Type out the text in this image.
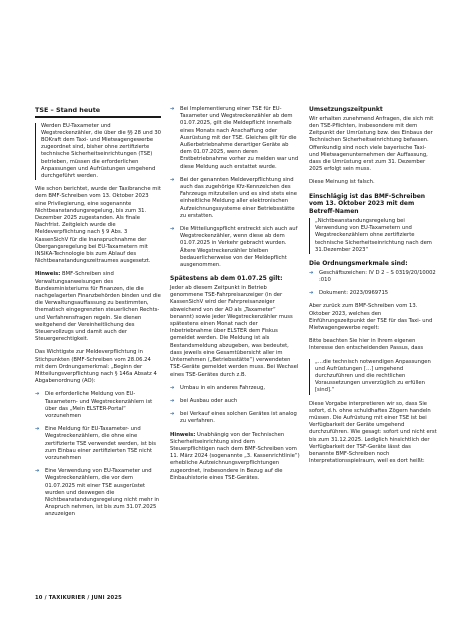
TSE – Stand heute
Werden EU-Taxameter und Wegstreckenzähler, die über die §§ 28 und 30 BOKraft dem Taxi- und Mietwagengewerbe zugeordnet sind, bisher ohne zertifizierte technische Sicherheitseinrichtungen (TSE) betrieben, müssen die erforderlichen Anpassungen und Aufrüstungen umgehend durchgeführt werden.

Wie schon berichtet, wurde der Taxibranche mit dem BMF-Schreiben vom 13. Oktober 2023 eine Privilegierung, eine sogenannte Nichtbeanstandungsregelung, bis zum 31. Dezember 2025 zugestanden. Als finale Nachfrist. Zeitgleich wurde die Meldeverpflichtung nach § 9 Abs. 3 KassenSichV für die Inanspruchnahme der Übergangsregelung bei EU-Taxametern mit INSIKA-Technologie bis zum Ablauf des Nichtbeanstandungszeitraumes ausgesetzt.

Hinweis: BMF-Schreiben sind Verwaltungsanweisungen des Bundesministeriums für Finanzen, die die nachgelagerten Finanzbehörden binden und die die Verwaltungsauffassung zu bestimmten, thematisch eingegrenzten steuerlichen Rechts- und Verfahrensfragen regeln. Sie dienen weitgehend der Vereinheitlichung des Steuervollzugs und damit auch der Steuergerechtigkeit.

Das Wichtigste zur Meldeverpflichtung in Stichpunkten (BMF-Schreiben vom 28.06.24 mit dem Ordnungsmerkmal: „Beginn der Mitteilungsverpflichtung nach § 146a Absatz 4 Abgabenordnung (AO):

➔ Die erforderliche Meldung von EU-Taxametern- und Wegstreckenzählern ist über das „Mein ELSTER-Portal“ vorzunehmen
➔ Eine Meldung für EU-Taxameter- und Wegstreckenzählern, die ohne eine zertifizierte TSE verwendet werden, ist bis zum Einbau einer zertifizierten TSE nicht vorzunehmen
➔ Eine Verwendung von EU-Taxameter und Wegstreckenzählern, die vor dem 01.07.2025 mit einer TSE ausgerüstet wurden und deswegen die Nichtbeanstandungsregelung nicht mehr in Anspruch nehmen, ist bis zum 31.07.2025 anzuzeigen
➔ Bei Implementierung einer TSE für EU-Taxameter und Wegstreckenzähler ab dem 01.07.2025, gilt die Meldepflicht innerhalb eines Monats nach Anschaffung oder Ausrüstung mit der TSE. Gleiches gilt für die Außerbetriebnahme derartiger Geräte ab dem 01.07.2025, wenn deren Erstbetriebnahme vorher zu melden war und diese Meldung auch erstattet wurde.
➔ Bei der genannten Meldeverpflichtung sind auch das zugehörige Kfz-Kennzeichen des Fahrzeugs mitzuteilen und es sind stets eine einheitliche Meldung aller elektronischen Aufzeichnungssysteme einer Betriebsstätte zu erstatten.
➔ Die Mitteilungspflicht erstreckt sich auch auf Wegstreckenzähler, wenn diese ab dem 01.07.2025 in Verkehr gebracht wurden. Ältere Wegstreckenzähler bleiben bedauerlicherweise von der Meldepflicht ausgenommen.
Spätestens ab dem 01.07.25 gilt:

Jeder ab diesem Zeitpunkt in Betrieb genommene TSE-Fahrpreisanzeiger (in der KassenSichV wird der Fahrpreisanzeiger abweichend von der AO als „Taxameter“ benannt) sowie jeder Wegstreckenzähler muss spätestens einen Monat nach der Inbetriebnahme über ELSTER dem Fiskus gemeldet werden. Die Meldung ist als Bestandsmeldung abzugeben, was bedeutet, dass jeweils eine Gesamtübersicht aller im Unternehmen („Betriebsstätte“) verwendeten TSE-Geräte gemeldet werden muss. Bei Wechsel eines TSE-Gerätes durch z.B.

➔ Umbau in ein anderes Fahrzeug,
➔ bei Ausbau oder auch
➔ bei Verkauf eines solchen Gerätes ist analog zu verfahren.

Hinweis: Unabhängig von der Technischen Sicherheitseinrichtung sind dem Steuerpflichtigen nach dem BMF-Schreiben vom 11. März 2024 (sogenannte „3. Kassenrichtlinie“) erhebliche Aufzeichnungsverpflichtungen zugeordnet, insbesondere in Bezug auf die Einbauhistorie eines TSE-Gerätes.

Umsetzungszeitpunkt

Wir erhalten zunehmend Anfragen, die sich mit den TSE-Pflichten, insbesondere mit dem Zeitpunkt der Umrüstung bzw. des Einbaus der Technischen Sicherheitseinrichtung befassen. Offenkundig sind noch viele bayerische Taxi- und Mietwagenunternehmen der Auffassung, dass die Umrüstung erst zum 31. Dezember 2025 erfolgt sein muss.

Diese Meinung ist falsch.

Einschlägig ist das BMF-Schreiben vom 13. Oktober 2023 mit dem Betreff-Namen
„Nichtbeanstandungsregelung bei Verwendung von EU-Taxametern und Wegstreckenzählern ohne zertifizierte technische Sicherheitseinrichtung nach dem 31.Dezember 2023“
Die Ordnungsmerkmale sind:
➔ Geschäftszeichen: IV D 2 – S 0319/20/10002 :010
➔ Dokument: 2023/0969715

Aber zurück zum BMF-Schreiben vom 13. Oktober 2023, welches den Einführungszeitpunkt der TSE für das Taxi- und Mietwagengewerbe regelt:

Bitte beachten Sie hier in Ihrem eigenen Interesse den entscheidenden Passus, dass

„…die technisch notwendigen Anpassungen und Aufrüstungen […] umgehend durchzuführen und die rechtlichen Voraussetzungen unverzüglich zu erfüllen [sind].“

Diese Vorgabe interpretieren wir so, dass Sie sofort, d.h. ohne schuldhaftes Zögern handeln müssen. Die Aufrüstung mit einer TSE ist bei Verfügbarkeit der Geräte umgehend durchzuführen. Wie gesagt: sofort und nicht erst bis zum 31.12.2025. Lediglich hinsichtlich der Verfügbarkeit der TSF-Geräte lässt das benannte BMF-Schreiben noch Interpretationsspielraum, weil es dort heißt:

10 / TAXIKURIER / JUNI 2025
